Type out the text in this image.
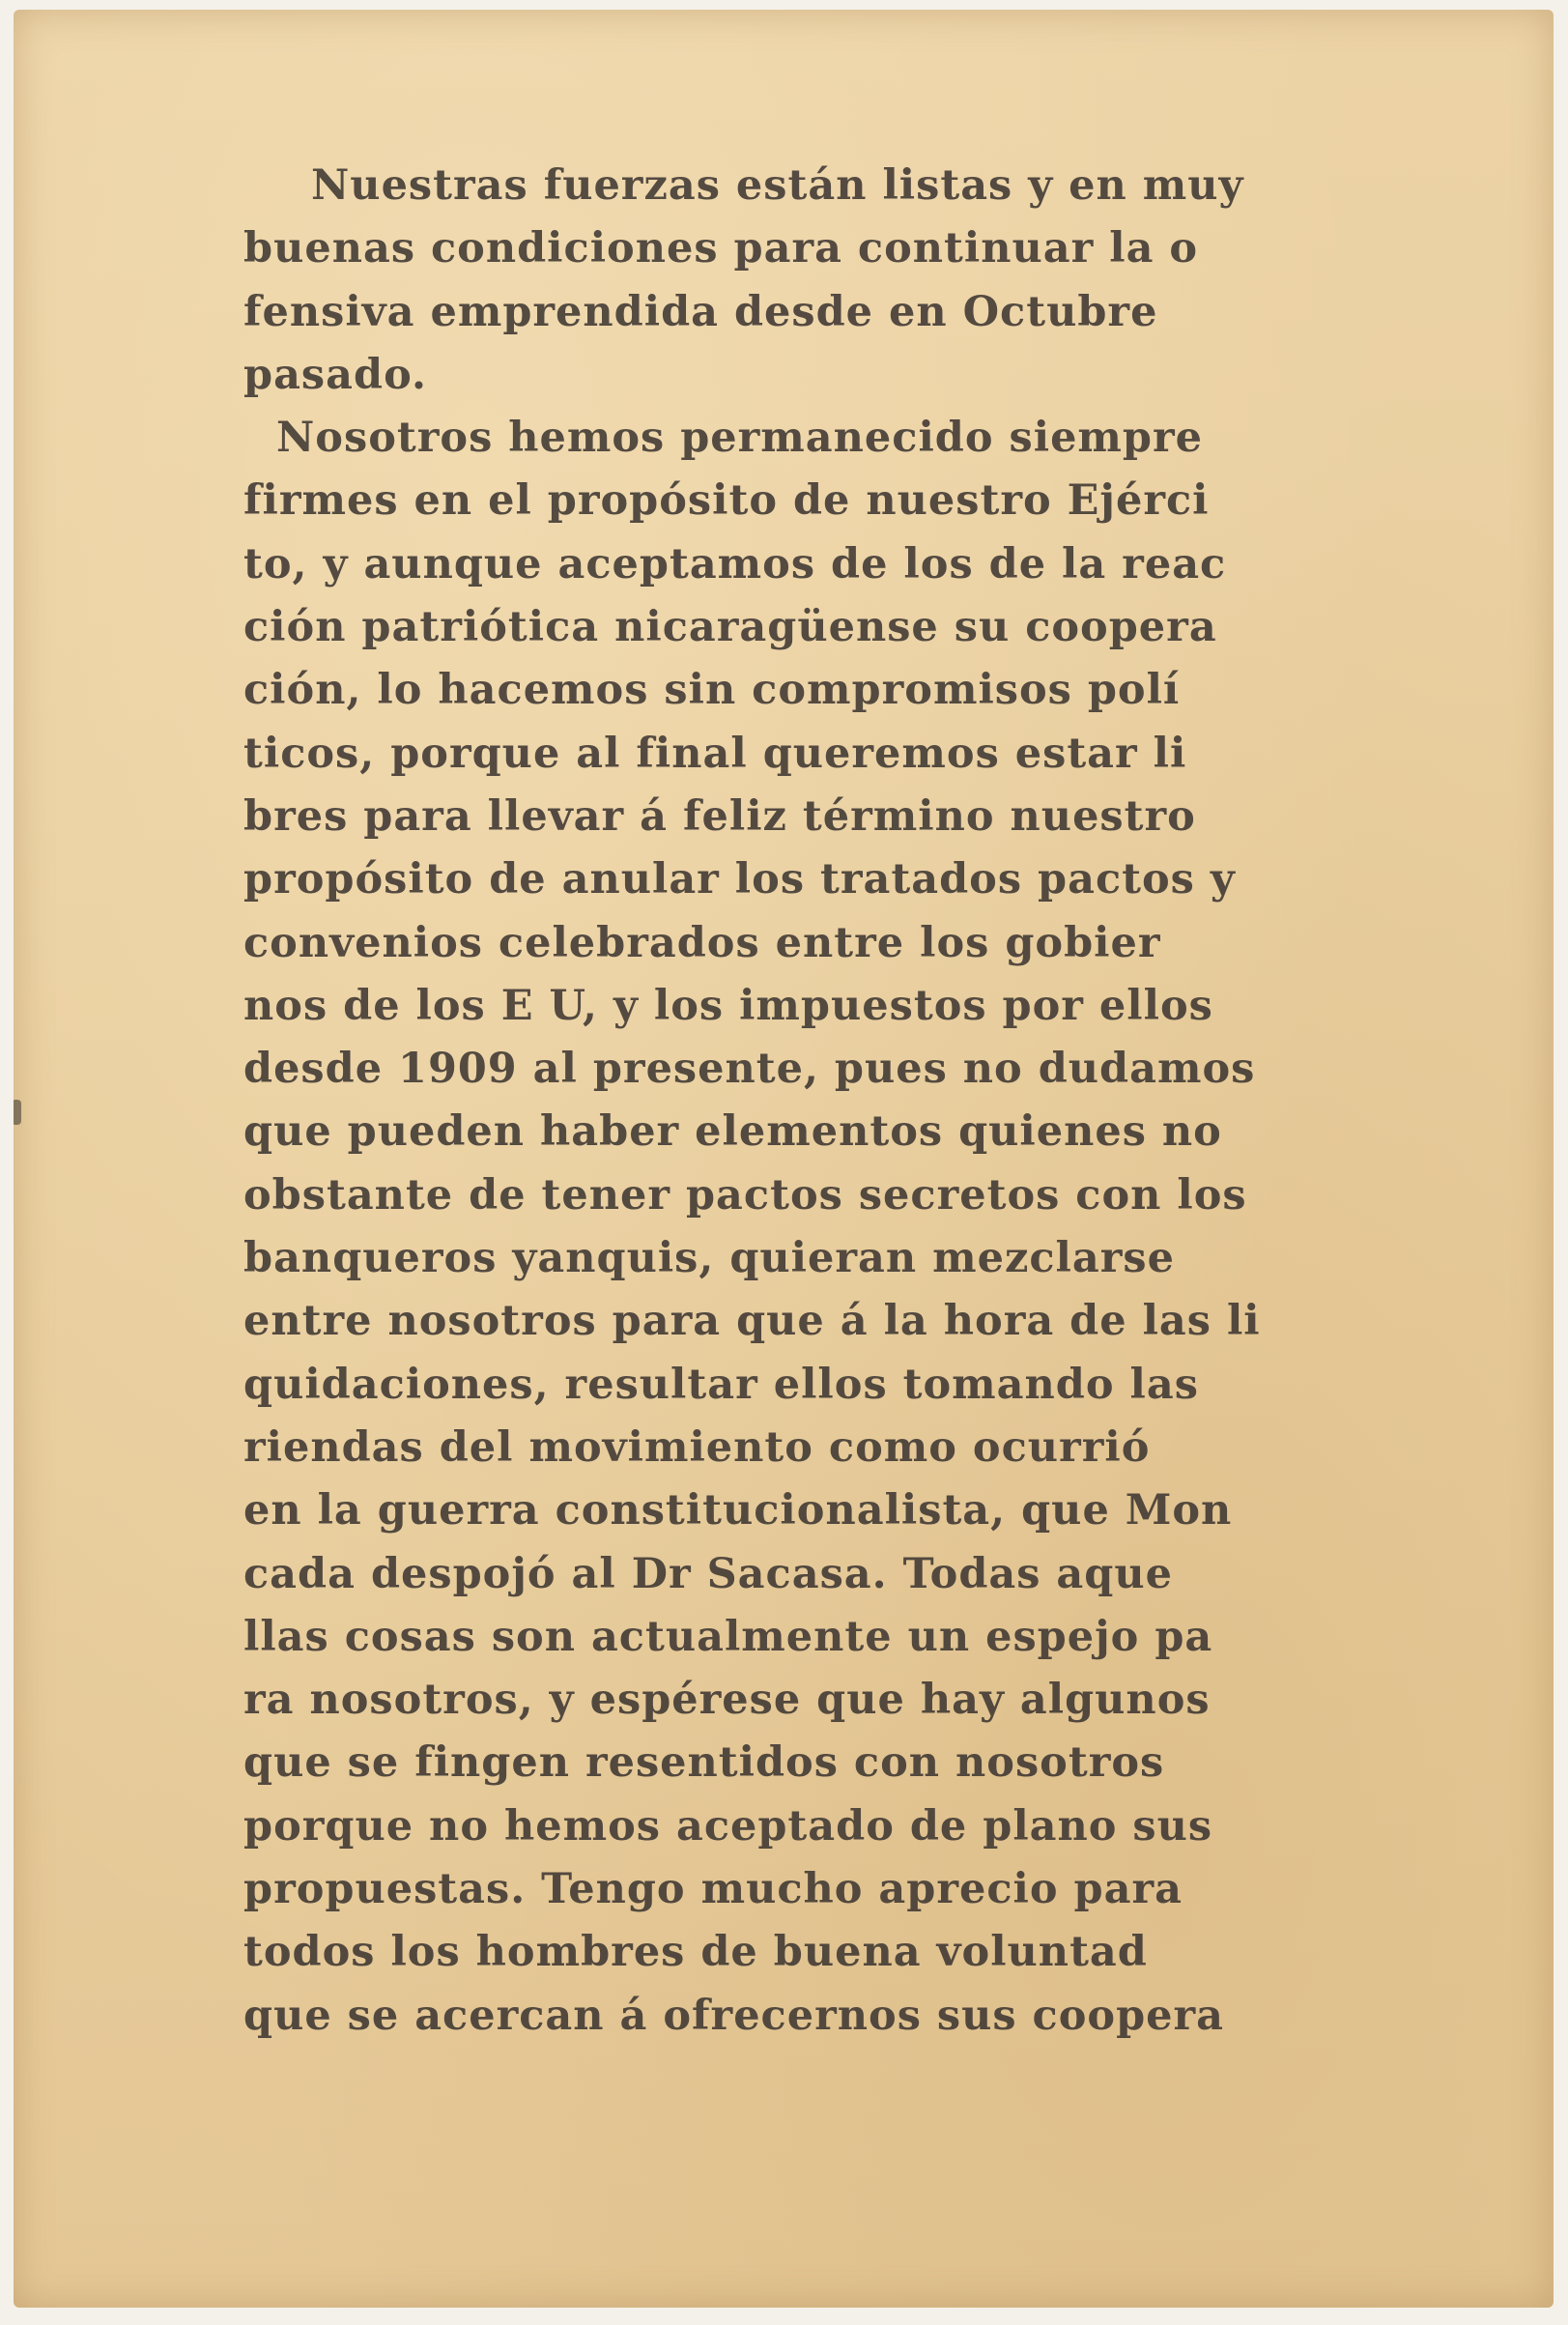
Nuestras fuerzas están listas y en muy
buenas condiciones para continuar la o
fensiva emprendida desde en Octubre
pasado.
Nosotros hemos permanecido siempre
firmes en el propósito de nuestro Ejérci
to, y aunque aceptamos de los de la reac
ción patriótica nicaragüense su coopera
ción, lo hacemos sin compromisos polí
ticos, porque al final queremos estar li
bres para llevar á feliz término nuestro
propósito de anular los tratados pactos y
convenios celebrados entre los gobier
nos de los E U, y los impuestos por ellos
desde 1909 al presente, pues no dudamos
que pueden haber elementos quienes no
obstante de tener pactos secretos con los
banqueros yanquis, quieran mezclarse
entre nosotros para que á la hora de las li
quidaciones, resultar ellos tomando las
riendas del movimiento como ocurrió
en la guerra constitucionalista, que Mon
cada despojó al Dr Sacasa. Todas aque
llas cosas son actualmente un espejo pa
ra nosotros, y espérese que hay algunos
que se fingen resentidos con nosotros
porque no hemos aceptado de plano sus
propuestas. Tengo mucho aprecio para
todos los hombres de buena voluntad
que se acercan á ofrecernos sus coopera
